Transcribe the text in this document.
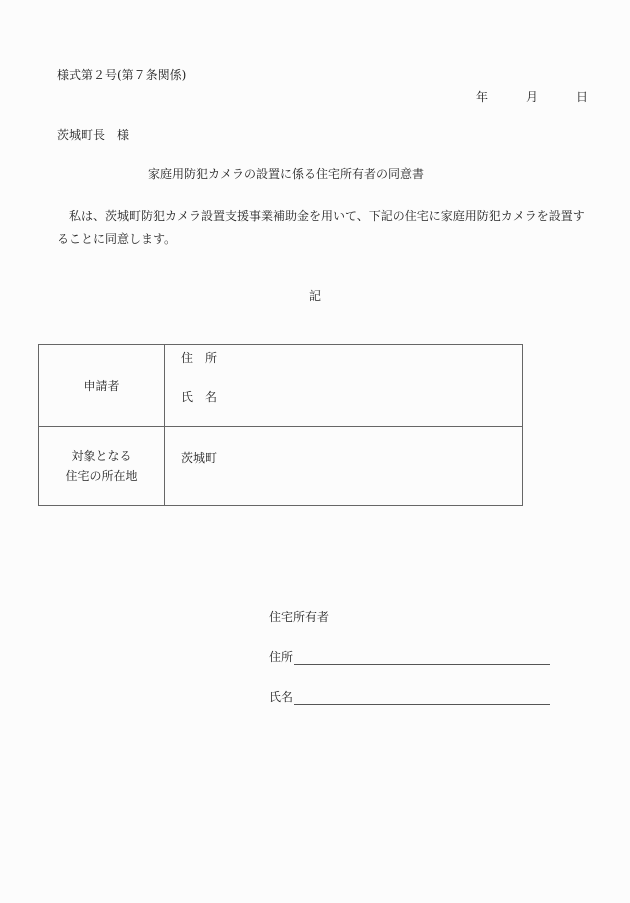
様式第２号(第７条関係)
年	月	日
茨城町長　様
家庭用防犯カメラの設置に係る住宅所有者の同意書
私は、茨城町防犯カメラ設置支援事業補助金を用いて、下記の住宅に家庭用防犯カメラを設置することに同意します。
記
申請者	住　所
氏　名

対象となる
住宅の所在地	茨城町
住宅所有者
住所
氏名
